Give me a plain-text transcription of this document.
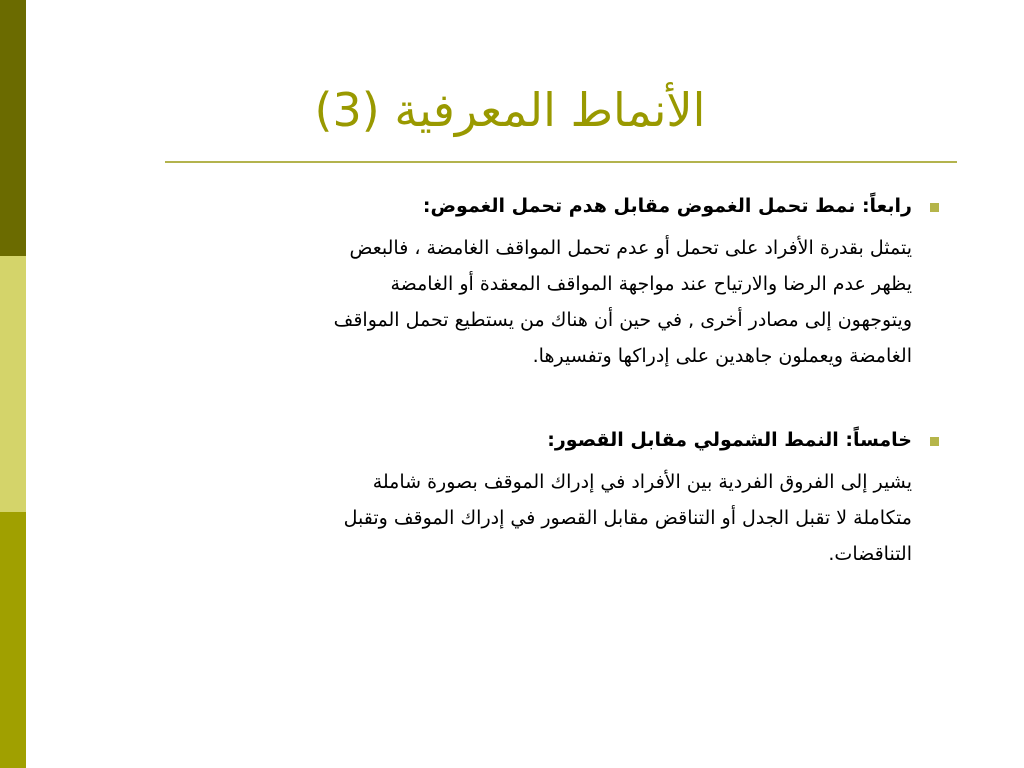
الأنماط المعرفية (3)
رابعاً: نمط تحمل الغموض مقابل هدم تحمل الغموض:
يتمثل بقدرة الأفراد على تحمل أو عدم تحمل المواقف الغامضة ، فالبعض
يظهر عدم الرضا والارتياح عند مواجهة المواقف المعقدة أو الغامضة
ويتوجهون إلى مصادر أخرى , في حين أن هناك من يستطيع تحمل المواقف
الغامضة ويعملون جاهدين على إدراكها وتفسيرها.
خامساً: النمط الشمولي مقابل القصور:
يشير إلى الفروق الفردية بين الأفراد في إدراك الموقف بصورة شاملة
متكاملة لا تقبل الجدل أو التناقض مقابل القصور في إدراك الموقف وتقبل
التناقضات.
